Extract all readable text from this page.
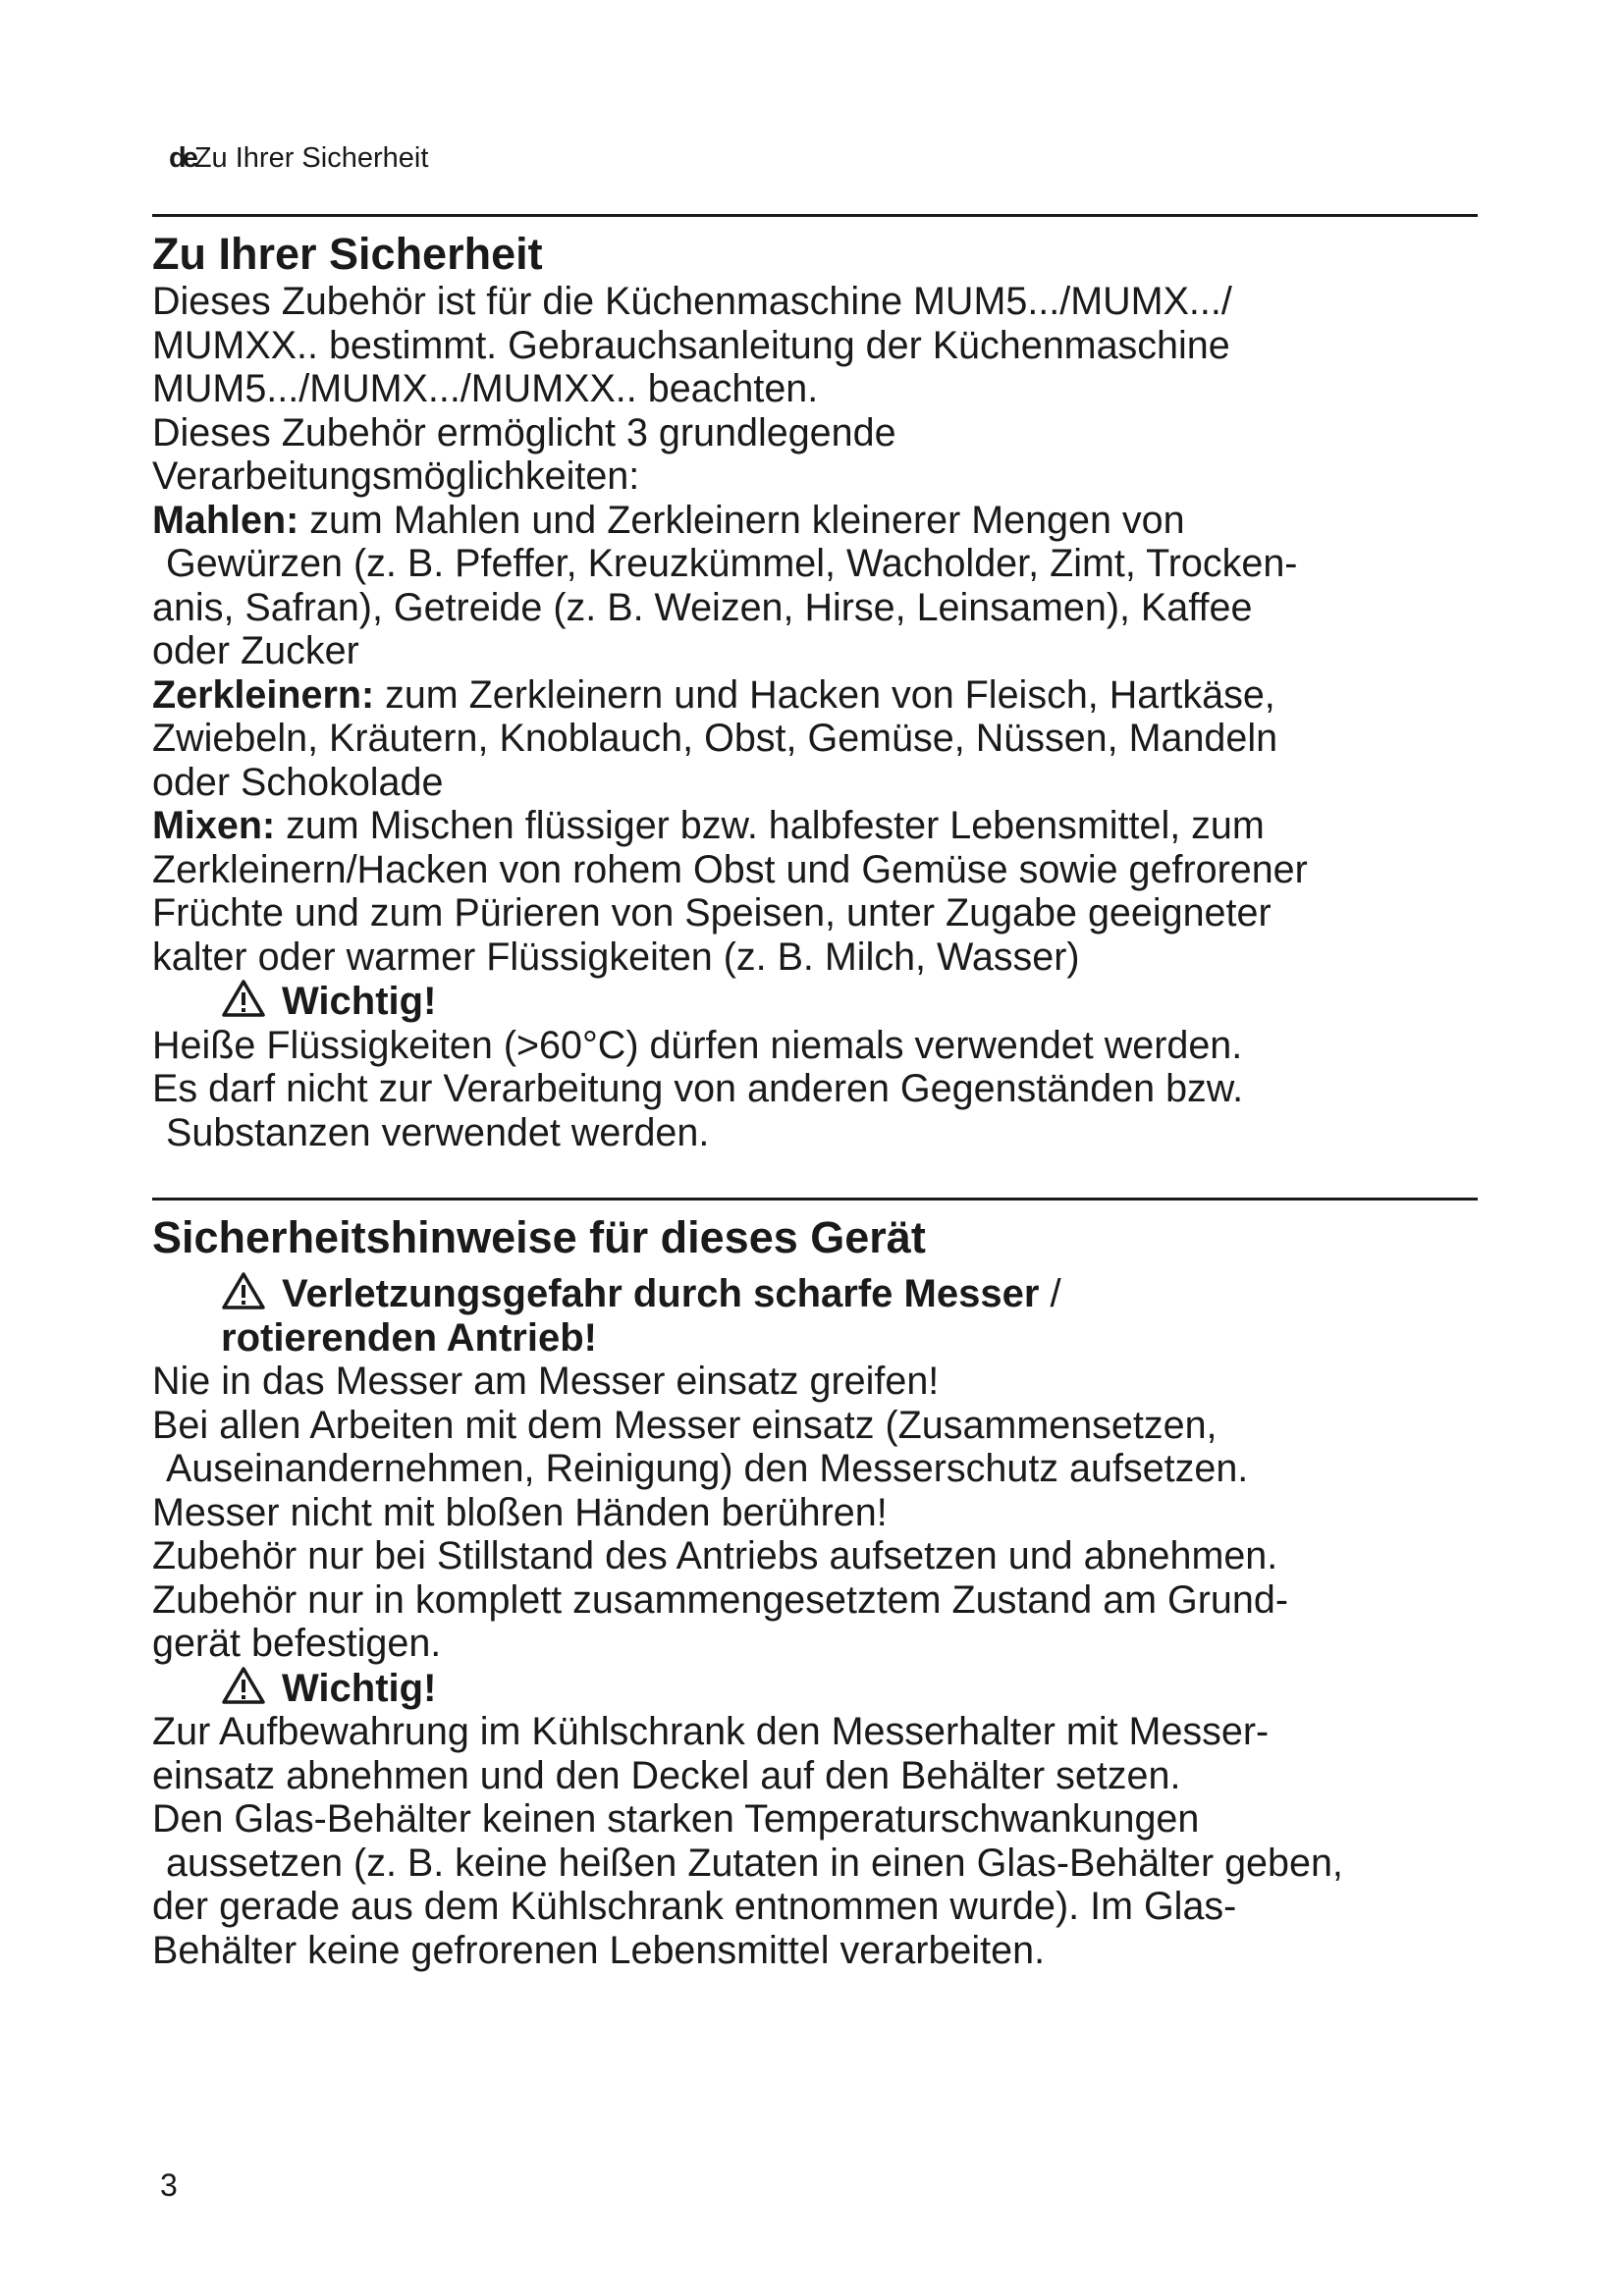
deZu Ihrer Sicherheit
Zu Ihrer Sicherheit
Dieses Zubehör ist für die Küchenmaschine MUM5.../MUMX.../
MUMXX.. bestimmt. Gebrauchsanleitung der Küchenmaschine
MUM5.../MUMX.../MUMXX.. beachten.
Dieses Zubehör ermöglicht 3 grundlegende
Verarbeitungsmöglichkeiten:
Mahlen: zum Mahlen und Zerkleinern kleinerer Mengen von
Gewürzen (z. B. Pfeffer, Kreuzkümmel, Wacholder, Zimt, Trocken-
anis, Safran), Getreide (z. B. Weizen, Hirse, Leinsamen), Kaffee
oder Zucker
Zerkleinern: zum Zerkleinern und Hacken von Fleisch, Hartkäse,
Zwiebeln, Kräutern, Knoblauch, Obst, Gemüse, Nüssen, Mandeln
oder Schokolade
Mixen: zum Mischen flüssiger bzw. halbfester Lebensmittel, zum
Zerkleinern/Hacken von rohem Obst und Gemüse sowie gefrorener
Früchte und zum Pürieren von Speisen, unter Zugabe geeigneter
kalter oder warmer Flüssigkeiten (z. B. Milch, Wasser)
Wichtig!
Heiße Flüssigkeiten (>60°C) dürfen niemals verwendet werden.
Es darf nicht zur Verarbeitung von anderen Gegenständen bzw.
Substanzen verwendet werden.
Sicherheitshinweise für dieses Gerät
Verletzungsgefahr durch scharfe Messer /
rotierenden Antrieb!
Nie in das Messer am Messer einsatz greifen!
Bei allen Arbeiten mit dem Messer einsatz (Zusammensetzen,
Auseinandernehmen, Reinigung) den Messerschutz aufsetzen.
Messer nicht mit bloßen Händen berühren!
Zubehör nur bei Stillstand des Antriebs aufsetzen und abnehmen.
Zubehör nur in komplett zusammengesetztem Zustand am Grund-
gerät befestigen.
Wichtig!
Zur Aufbewahrung im Kühlschrank den Messerhalter mit Messer-
einsatz abnehmen und den Deckel auf den Behälter setzen.
Den Glas-Behälter keinen starken Temperaturschwankungen
aussetzen (z. B. keine heißen Zutaten in einen Glas-Behälter geben,
der gerade aus dem Kühlschrank entnommen wurde). Im Glas-
Behälter keine gefrorenen Lebensmittel verarbeiten.
3
